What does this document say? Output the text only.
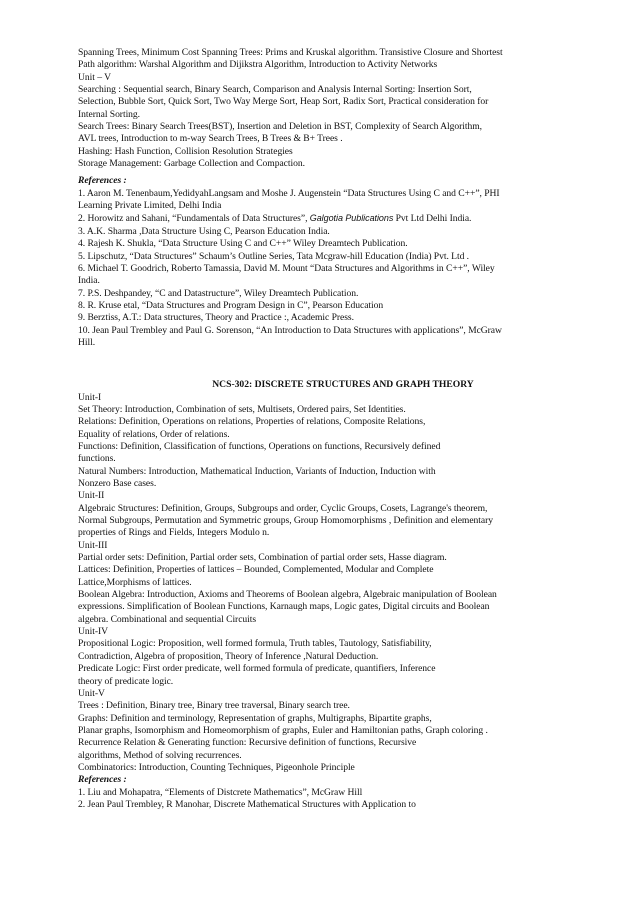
Spanning Trees, Minimum Cost Spanning Trees: Prims and Kruskal algorithm. Transistive Closure and Shortest
Path algorithm: Warshal Algorithm and Dijikstra Algorithm, Introduction to Activity Networks
Unit – V
Searching : Sequential search, Binary Search, Comparison and Analysis Internal Sorting: Insertion Sort,
Selection, Bubble Sort, Quick Sort, Two Way Merge Sort, Heap Sort, Radix Sort, Practical consideration for
Internal Sorting.
Search Trees: Binary Search Trees(BST), Insertion and Deletion in BST, Complexity of Search Algorithm,
AVL trees, Introduction to m-way Search Trees, B Trees & B+ Trees .
Hashing: Hash Function, Collision Resolution Strategies
Storage Management: Garbage Collection and Compaction.
References :
1. Aaron M. Tenenbaum,YedidyahLangsam and Moshe J. Augenstein “Data Structures Using C and C++”, PHI
Learning Private Limited, Delhi India
2. Horowitz and Sahani, “Fundamentals of Data Structures”, Galgotia Publications Pvt Ltd Delhi India.
3. A.K. Sharma ,Data Structure Using C, Pearson Education India.
4. Rajesh K. Shukla, “Data Structure Using C and C++” Wiley Dreamtech Publication.
5. Lipschutz, “Data Structures” Schaum’s Outline Series, Tata Mcgraw-hill Education (India) Pvt. Ltd .
6. Michael T. Goodrich, Roberto Tamassia, David M. Mount “Data Structures and Algorithms in C++”, Wiley
India.
7. P.S. Deshpandey, “C and Datastructure”, Wiley Dreamtech Publication.
8. R. Kruse etal, “Data Structures and Program Design in C”, Pearson Education
9. Berztiss, A.T.: Data structures, Theory and Practice :, Academic Press.
10. Jean Paul Trembley and Paul G. Sorenson, “An Introduction to Data Structures with applications”, McGraw
Hill.
NCS-302: DISCRETE STRUCTURES AND GRAPH THEORY
Unit-I
Set Theory: Introduction, Combination of sets, Multisets, Ordered pairs, Set Identities.
Relations: Definition, Operations on relations, Properties of relations, Composite Relations,
Equality of relations, Order of relations.
Functions: Definition, Classification of functions, Operations on functions, Recursively defined
functions.
Natural Numbers: Introduction, Mathematical Induction, Variants of Induction, Induction with
Nonzero Base cases.
Unit-II
Algebraic Structures: Definition, Groups, Subgroups and order, Cyclic Groups, Cosets, Lagrange's theorem,
Normal Subgroups, Permutation and Symmetric groups, Group Homomorphisms , Definition and elementary
properties of Rings and Fields, Integers Modulo n.
Unit-III
Partial order sets: Definition, Partial order sets, Combination of partial order sets, Hasse diagram.
Lattices: Definition, Properties of lattices – Bounded, Complemented, Modular and Complete
Lattice,Morphisms of lattices.
Boolean Algebra: Introduction, Axioms and Theorems of Boolean algebra, Algebraic manipulation of Boolean
expressions. Simplification of Boolean Functions, Karnaugh maps, Logic gates, Digital circuits and Boolean
algebra. Combinational and sequential Circuits
Unit-IV
Propositional Logic: Proposition, well formed formula, Truth tables, Tautology, Satisfiability,
Contradiction, Algebra of proposition, Theory of Inference ,Natural Deduction.
Predicate Logic: First order predicate, well formed formula of predicate, quantifiers, Inference
theory of predicate logic.
Unit-V
Trees : Definition, Binary tree, Binary tree traversal, Binary search tree.
Graphs: Definition and terminology, Representation of graphs, Multigraphs, Bipartite graphs,
Planar graphs, Isomorphism and Homeomorphism of graphs, Euler and Hamiltonian paths, Graph coloring .
Recurrence Relation & Generating function: Recursive definition of functions, Recursive
algorithms, Method of solving recurrences.
Combinatorics: Introduction, Counting Techniques, Pigeonhole Principle
References :
1. Liu and Mohapatra, “Elements of Distcrete Mathematics”, McGraw Hill
2. Jean Paul Trembley, R Manohar, Discrete Mathematical Structures with Application to
